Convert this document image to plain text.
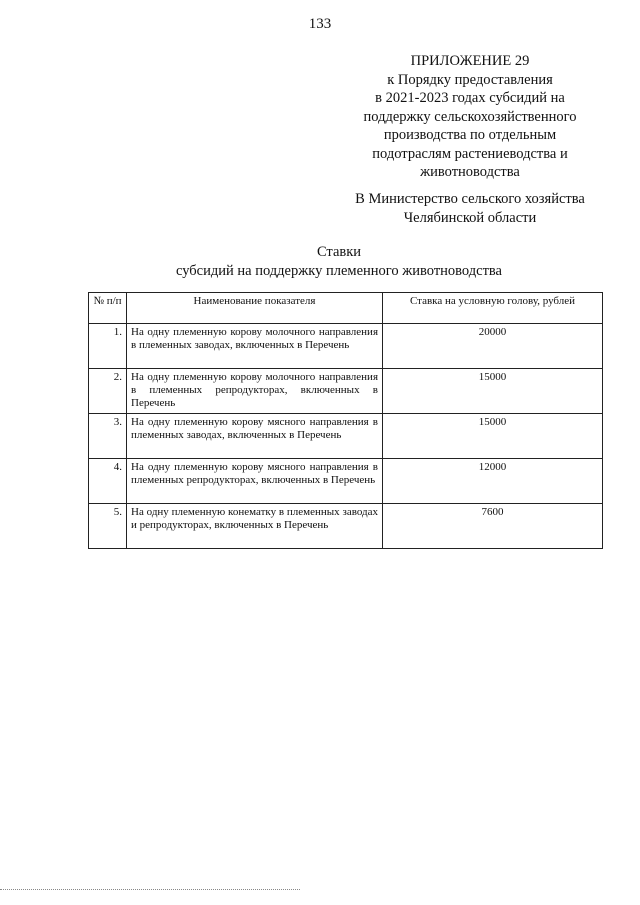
133
ПРИЛОЖЕНИЕ 29
к Порядку предоставления
в 2021-2023 годах субсидий на
поддержку сельскохозяйственного
производства по отдельным
подотраслям растениеводства и
животноводства
В Министерство сельского хозяйства
Челябинской области
Ставки
субсидий на поддержку племенного животноводства
№ п/п	Наименование показателя	Ставка на условную голову, рублей
1.	На одну племенную корову молочного направления в племенных заводах, включенных в Перечень	20000
2.	На одну племенную корову молочного направления в племенных репродукторах, включенных в Перечень	15000
3.	На одну племенную корову мясного направления в племенных заводах, включенных в Перечень	15000
4.	На одну племенную корову мясного направления в племенных репродукторах, включенных в Перечень	12000
5.	На одну племенную конематку в племенных заводах и репродукторах, включенных в Перечень	7600
